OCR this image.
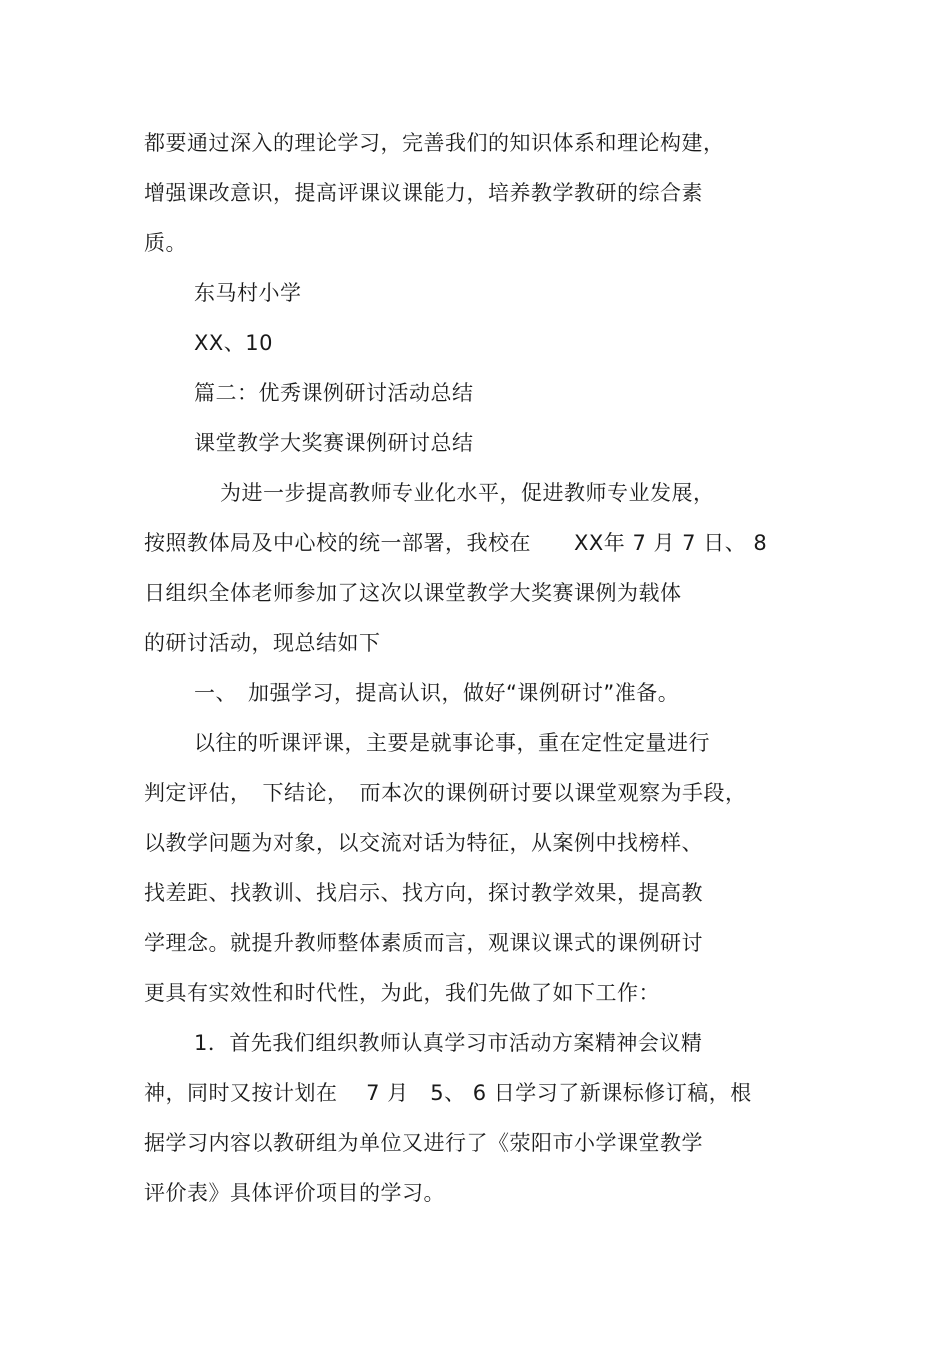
都要通过深入的理论学习，完善我们的知识体系和理论构建，
增强课改意识，提高评课议课能力，培养教学教研的综合素
质。
东马村小学
XX、10
篇二：优秀课例研讨活动总结
课堂教学大奖赛课例研讨总结
为进一步提高教师专业化水平，促进教师专业发展，
按照教体局及中心校的统一部署，我校在　　XX年 7 月 7 日、 8
日组织全体老师参加了这次以课堂教学大奖赛课例为载体
的研讨活动，现总结如下
一、　加强学习，提高认识，做好“课例研讨”准备。
以往的听课评课，主要是就事论事，重在定性定量进行
判定评估，　下结论，　而本次的课例研讨要以课堂观察为手段，
以教学问题为对象，以交流对话为特征，从案例中找榜样、
找差距、找教训、找启示、找方向，探讨教学效果，提高教
学理念。就提升教师整体素质而言，观课议课式的课例研讨
更具有实效性和时代性，为此，我们先做了如下工作：
1．首先我们组织教师认真学习市活动方案精神会议精
神，同时又按计划在　 7 月　5、 6 日学习了新课标修订稿，根
据学习内容以教研组为单位又进行了《荥阳市小学课堂教学
评价表》具体评价项目的学习。
